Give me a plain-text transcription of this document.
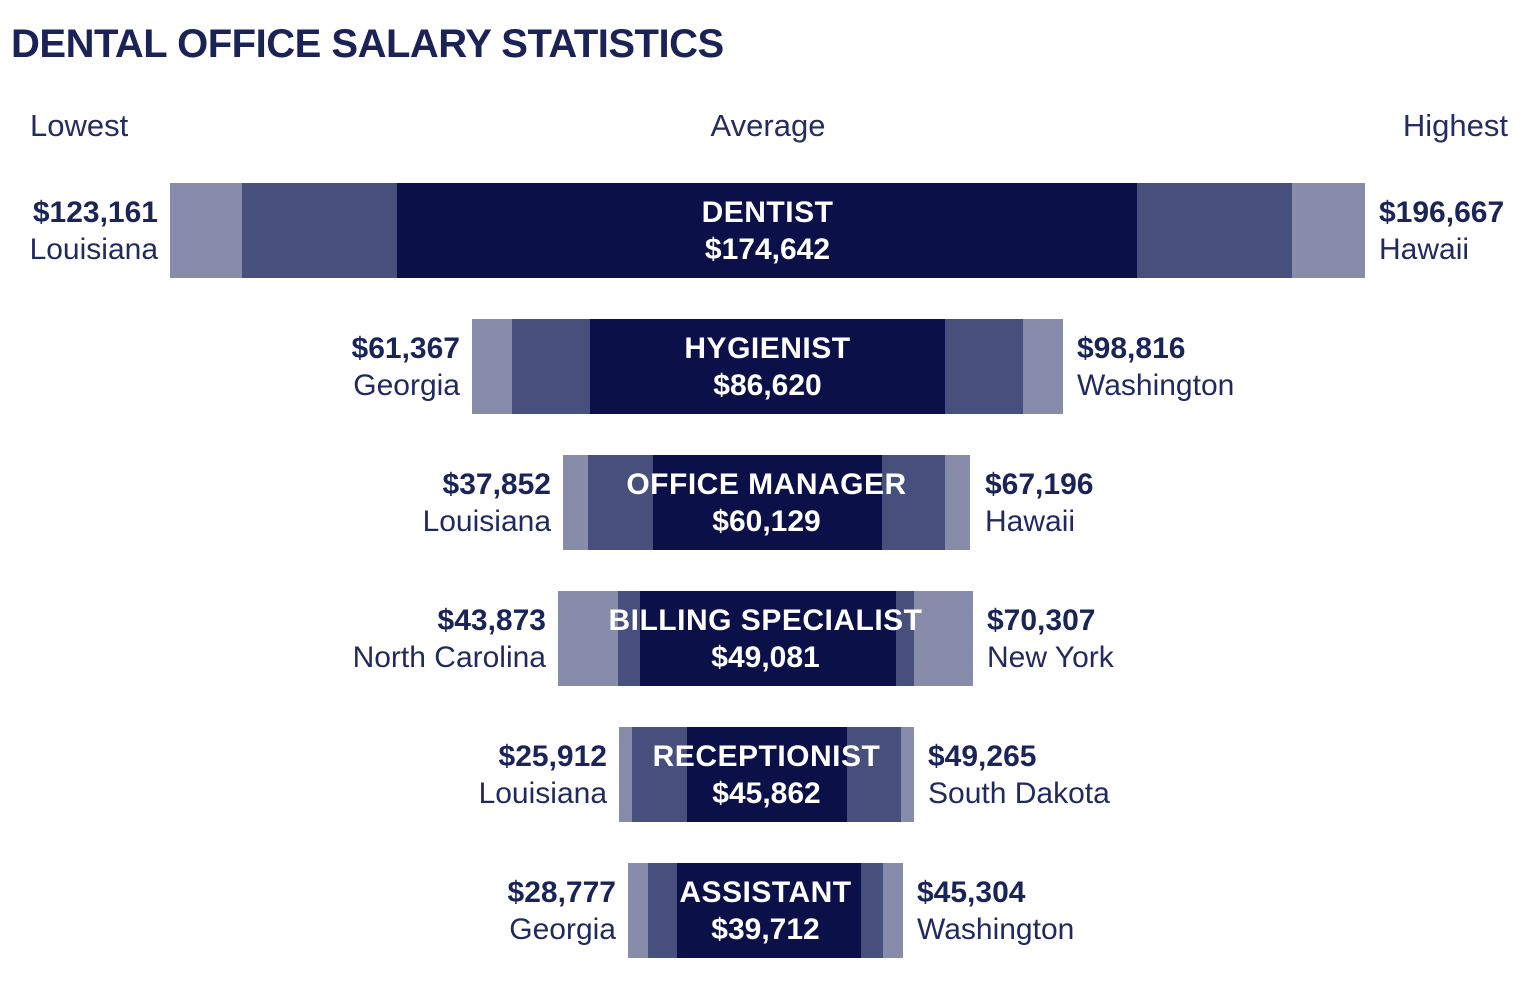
DENTAL OFFICE SALARY STATISTICS
Lowest	Average	Highest
$123,161
Louisiana
DENTIST
$174,642
$196,667
Hawaii
$61,367
Georgia
HYGIENIST
$86,620
$98,816
Washington
$37,852
Louisiana
OFFICE MANAGER
$60,129
$67,196
Hawaii
$43,873
North Carolina
BILLING SPECIALIST
$49,081
$70,307
New York
$25,912
Louisiana
RECEPTIONIST
$45,862
$49,265
South Dakota
$28,777
Georgia
ASSISTANT
$39,712
$45,304
Washington
